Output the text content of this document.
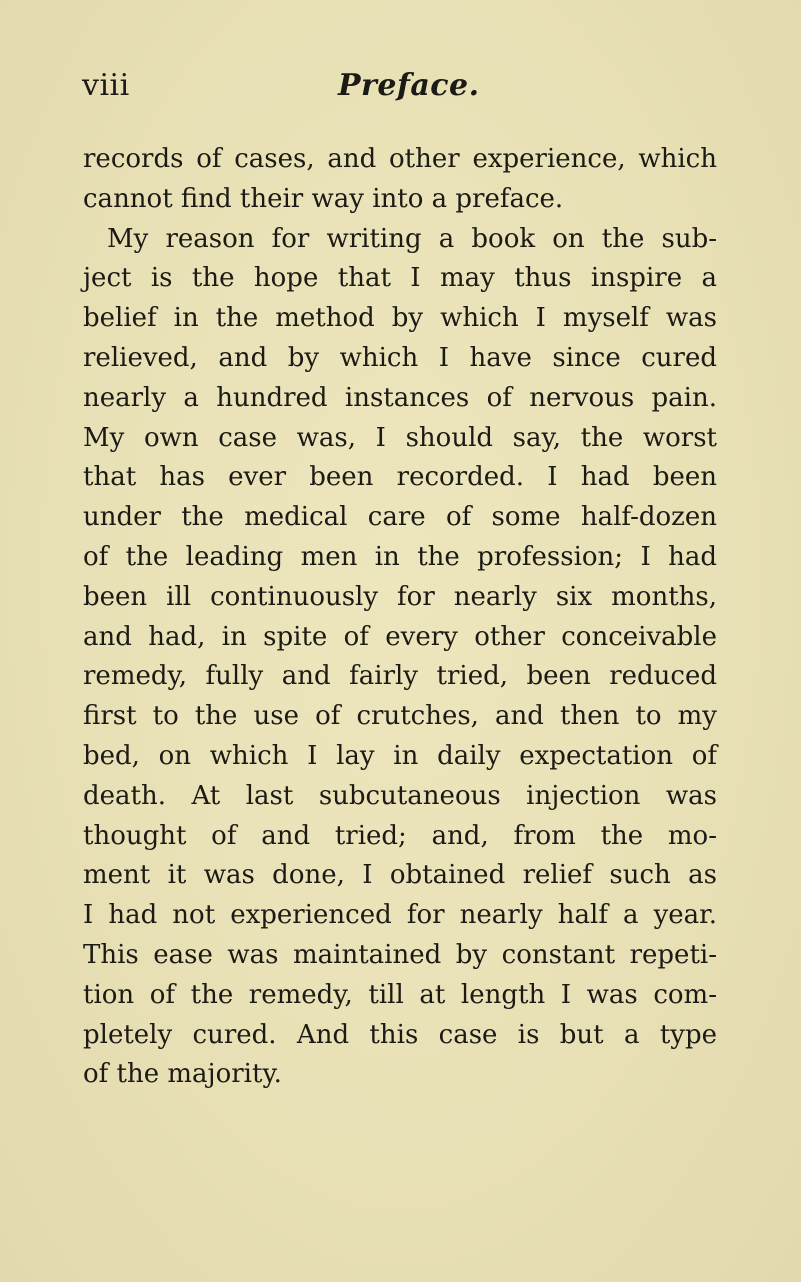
viii	Preface.
records of cases, and other experience, which
cannot find their way into a preface.
My reason for writing a book on the sub-
ject is the hope that I may thus inspire a
belief in the method by which I myself was
relieved, and by which I have since cured
nearly a hundred instances of nervous pain.
My own case was, I should say, the worst
that has ever been recorded. I had been
under the medical care of some half-dozen
of the leading men in the profession; I had
been ill continuously for nearly six months,
and had, in spite of every other conceivable
remedy, fully and fairly tried, been reduced
first to the use of crutches, and then to my
bed, on which I lay in daily expectation of
death. At last subcutaneous injection was
thought of and tried; and, from the mo-
ment it was done, I obtained relief such as
I had not experienced for nearly half a year.
This ease was maintained by constant repeti-
tion of the remedy, till at length I was com-
pletely cured. And this case is but a type
of the majority.
